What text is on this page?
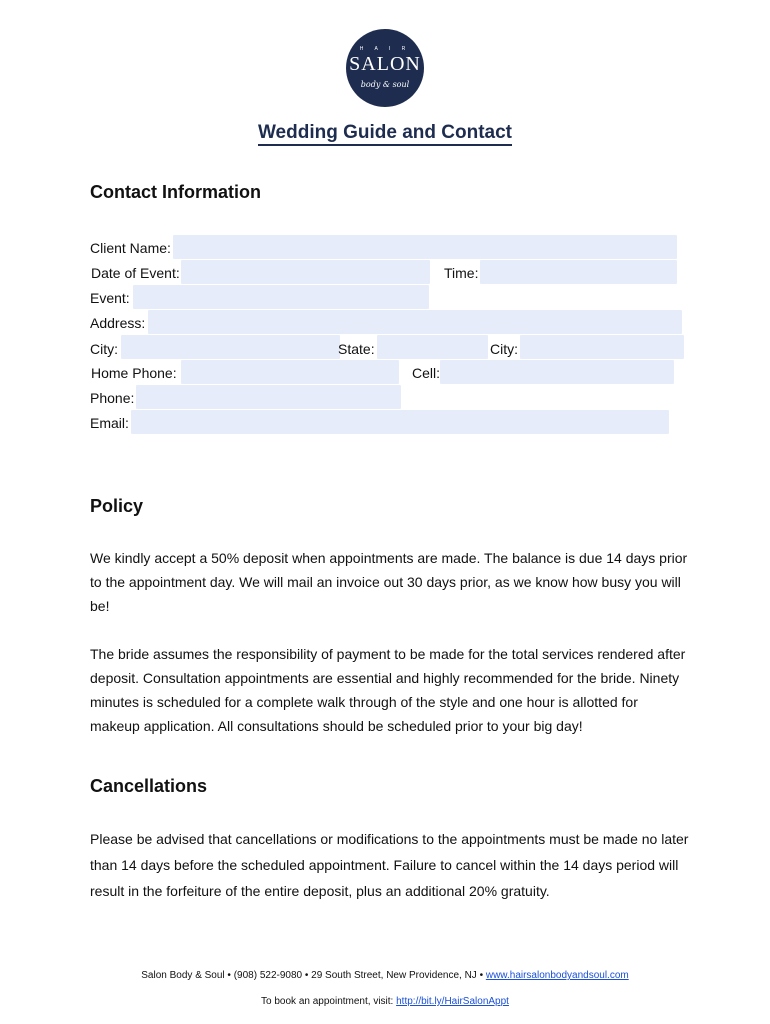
H A I R
SALON
body & soul
Wedding Guide and Contact
Contact Information
Client Name:
Date of Event:	Time:
Event:
Address:
City:	State:	City:
Home Phone:	Cell:
Phone:
Email:
Policy
We kindly accept a 50% deposit when appointments are made. The balance is due 14 days prior to the appointment day. We will mail an invoice out 30 days prior, as we know how busy you will be!
The bride assumes the responsibility of payment to be made for the total services rendered after deposit. Consultation appointments are essential and highly recommended for the bride. Ninety minutes is scheduled for a complete walk through of the style and one hour is allotted for makeup application. All consultations should be scheduled prior to your big day!
Cancellations
Please be advised that cancellations or modifications to the appointments must be made no later than 14 days before the scheduled appointment. Failure to cancel within the 14 days period will result in the forfeiture of the entire deposit, plus an additional 20% gratuity.
Salon Body & Soul • (908) 522-9080 • 29 South Street, New Providence, NJ • www.hairsalonbodyandsoul.com
To book an appointment, visit: http://bit.ly/HairSalonAppt
